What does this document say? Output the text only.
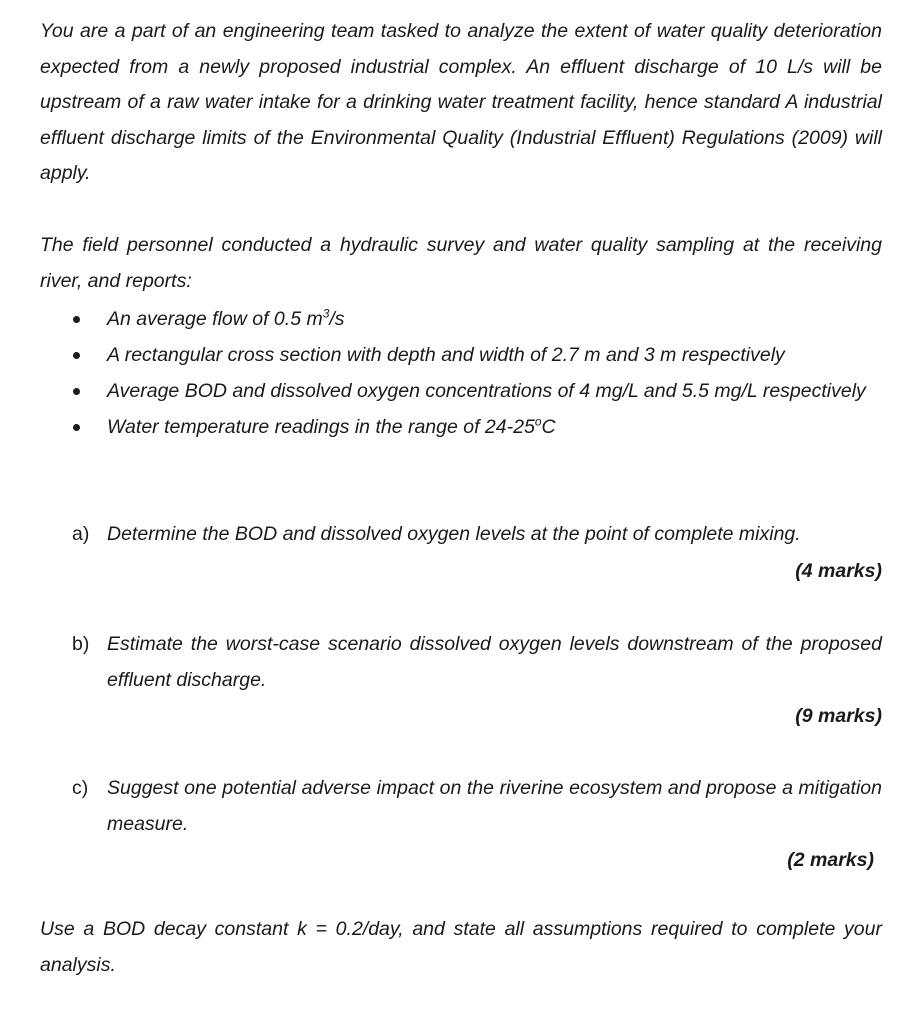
You are a part of an engineering team tasked to analyze the extent of water quality deterioration expected from a newly proposed industrial complex. An effluent discharge of 10 L/s will be upstream of a raw water intake for a drinking water treatment facility, hence standard A industrial effluent discharge limits of the Environmental Quality (Industrial Effluent) Regulations (2009) will apply.

The field personnel conducted a hydraulic survey and water quality sampling at the receiving river, and reports:

An average flow of 0.5 $m^3/s$
A rectangular cross section with depth and width of 2.7 m and 3 m respectively
Average BOD and dissolved oxygen concentrations of 4 mg/L and 5.5 mg/L respectively
Water temperature readings in the range of 24-25$^o$C
a) Determine the BOD and dissolved oxygen levels at the point of complete mixing.
(4 marks)
b) Estimate the worst-case scenario dissolved oxygen levels downstream of the proposed effluent discharge.
(9 marks)
c) Suggest one potential adverse impact on the riverine ecosystem and propose a mitigation measure.
(2 marks)

Use a BOD decay constant k = 0.2/day, and state all assumptions required to complete your analysis.
